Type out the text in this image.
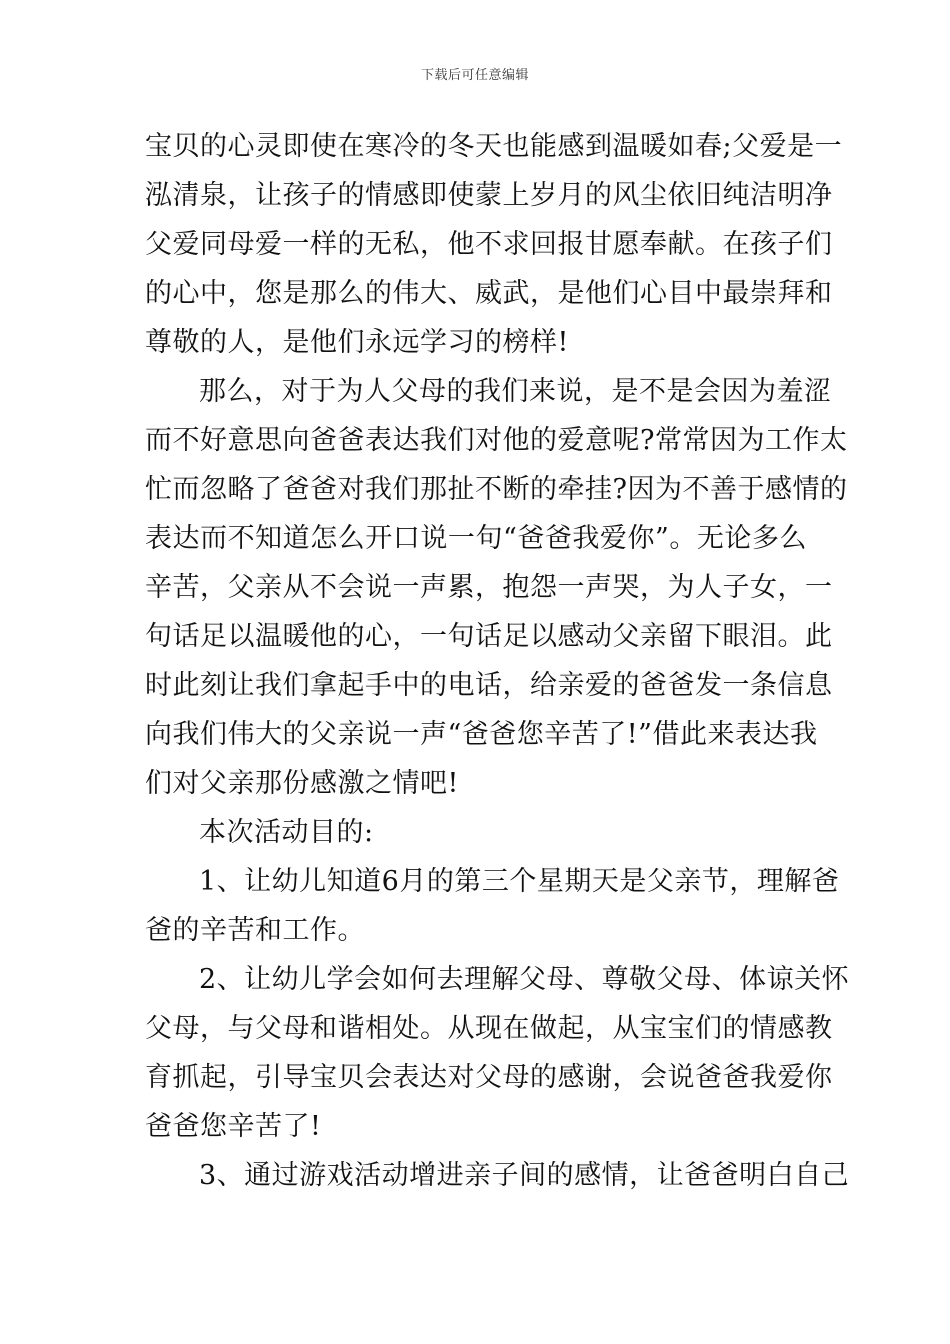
下载后可任意编辑
宝贝的心灵即使在寒冷的冬天也能感到温暖如春;父爱是一
泓清泉，让孩子的情感即使蒙上岁月的风尘依旧纯洁明净
父爱同母爱一样的无私，他不求回报甘愿奉献。在孩子们
的心中，您是那么的伟大、威武，是他们心目中最崇拜和
尊敬的人，是他们永远学习的榜样!
那么，对于为人父母的我们来说，是不是会因为羞涩
而不好意思向爸爸表达我们对他的爱意呢?常常因为工作太
忙而忽略了爸爸对我们那扯不断的牵挂?因为不善于感情的
表达而不知道怎么开口说一句“爸爸我爱你”。无论多么
辛苦，父亲从不会说一声累，抱怨一声哭，为人子女，一
句话足以温暖他的心，一句话足以感动父亲留下眼泪。此
时此刻让我们拿起手中的电话，给亲爱的爸爸发一条信息
向我们伟大的父亲说一声“爸爸您辛苦了!”借此来表达我
们对父亲那份感激之情吧!
本次活动目的:
1、让幼儿知道6月的第三个星期天是父亲节，理解爸
爸的辛苦和工作。
2、让幼儿学会如何去理解父母、尊敬父母、体谅关怀
父母，与父母和谐相处。从现在做起，从宝宝们的情感教
育抓起，引导宝贝会表达对父母的感谢，会说爸爸我爱你
爸爸您辛苦了!
3、通过游戏活动增进亲子间的感情，让爸爸明白自己
